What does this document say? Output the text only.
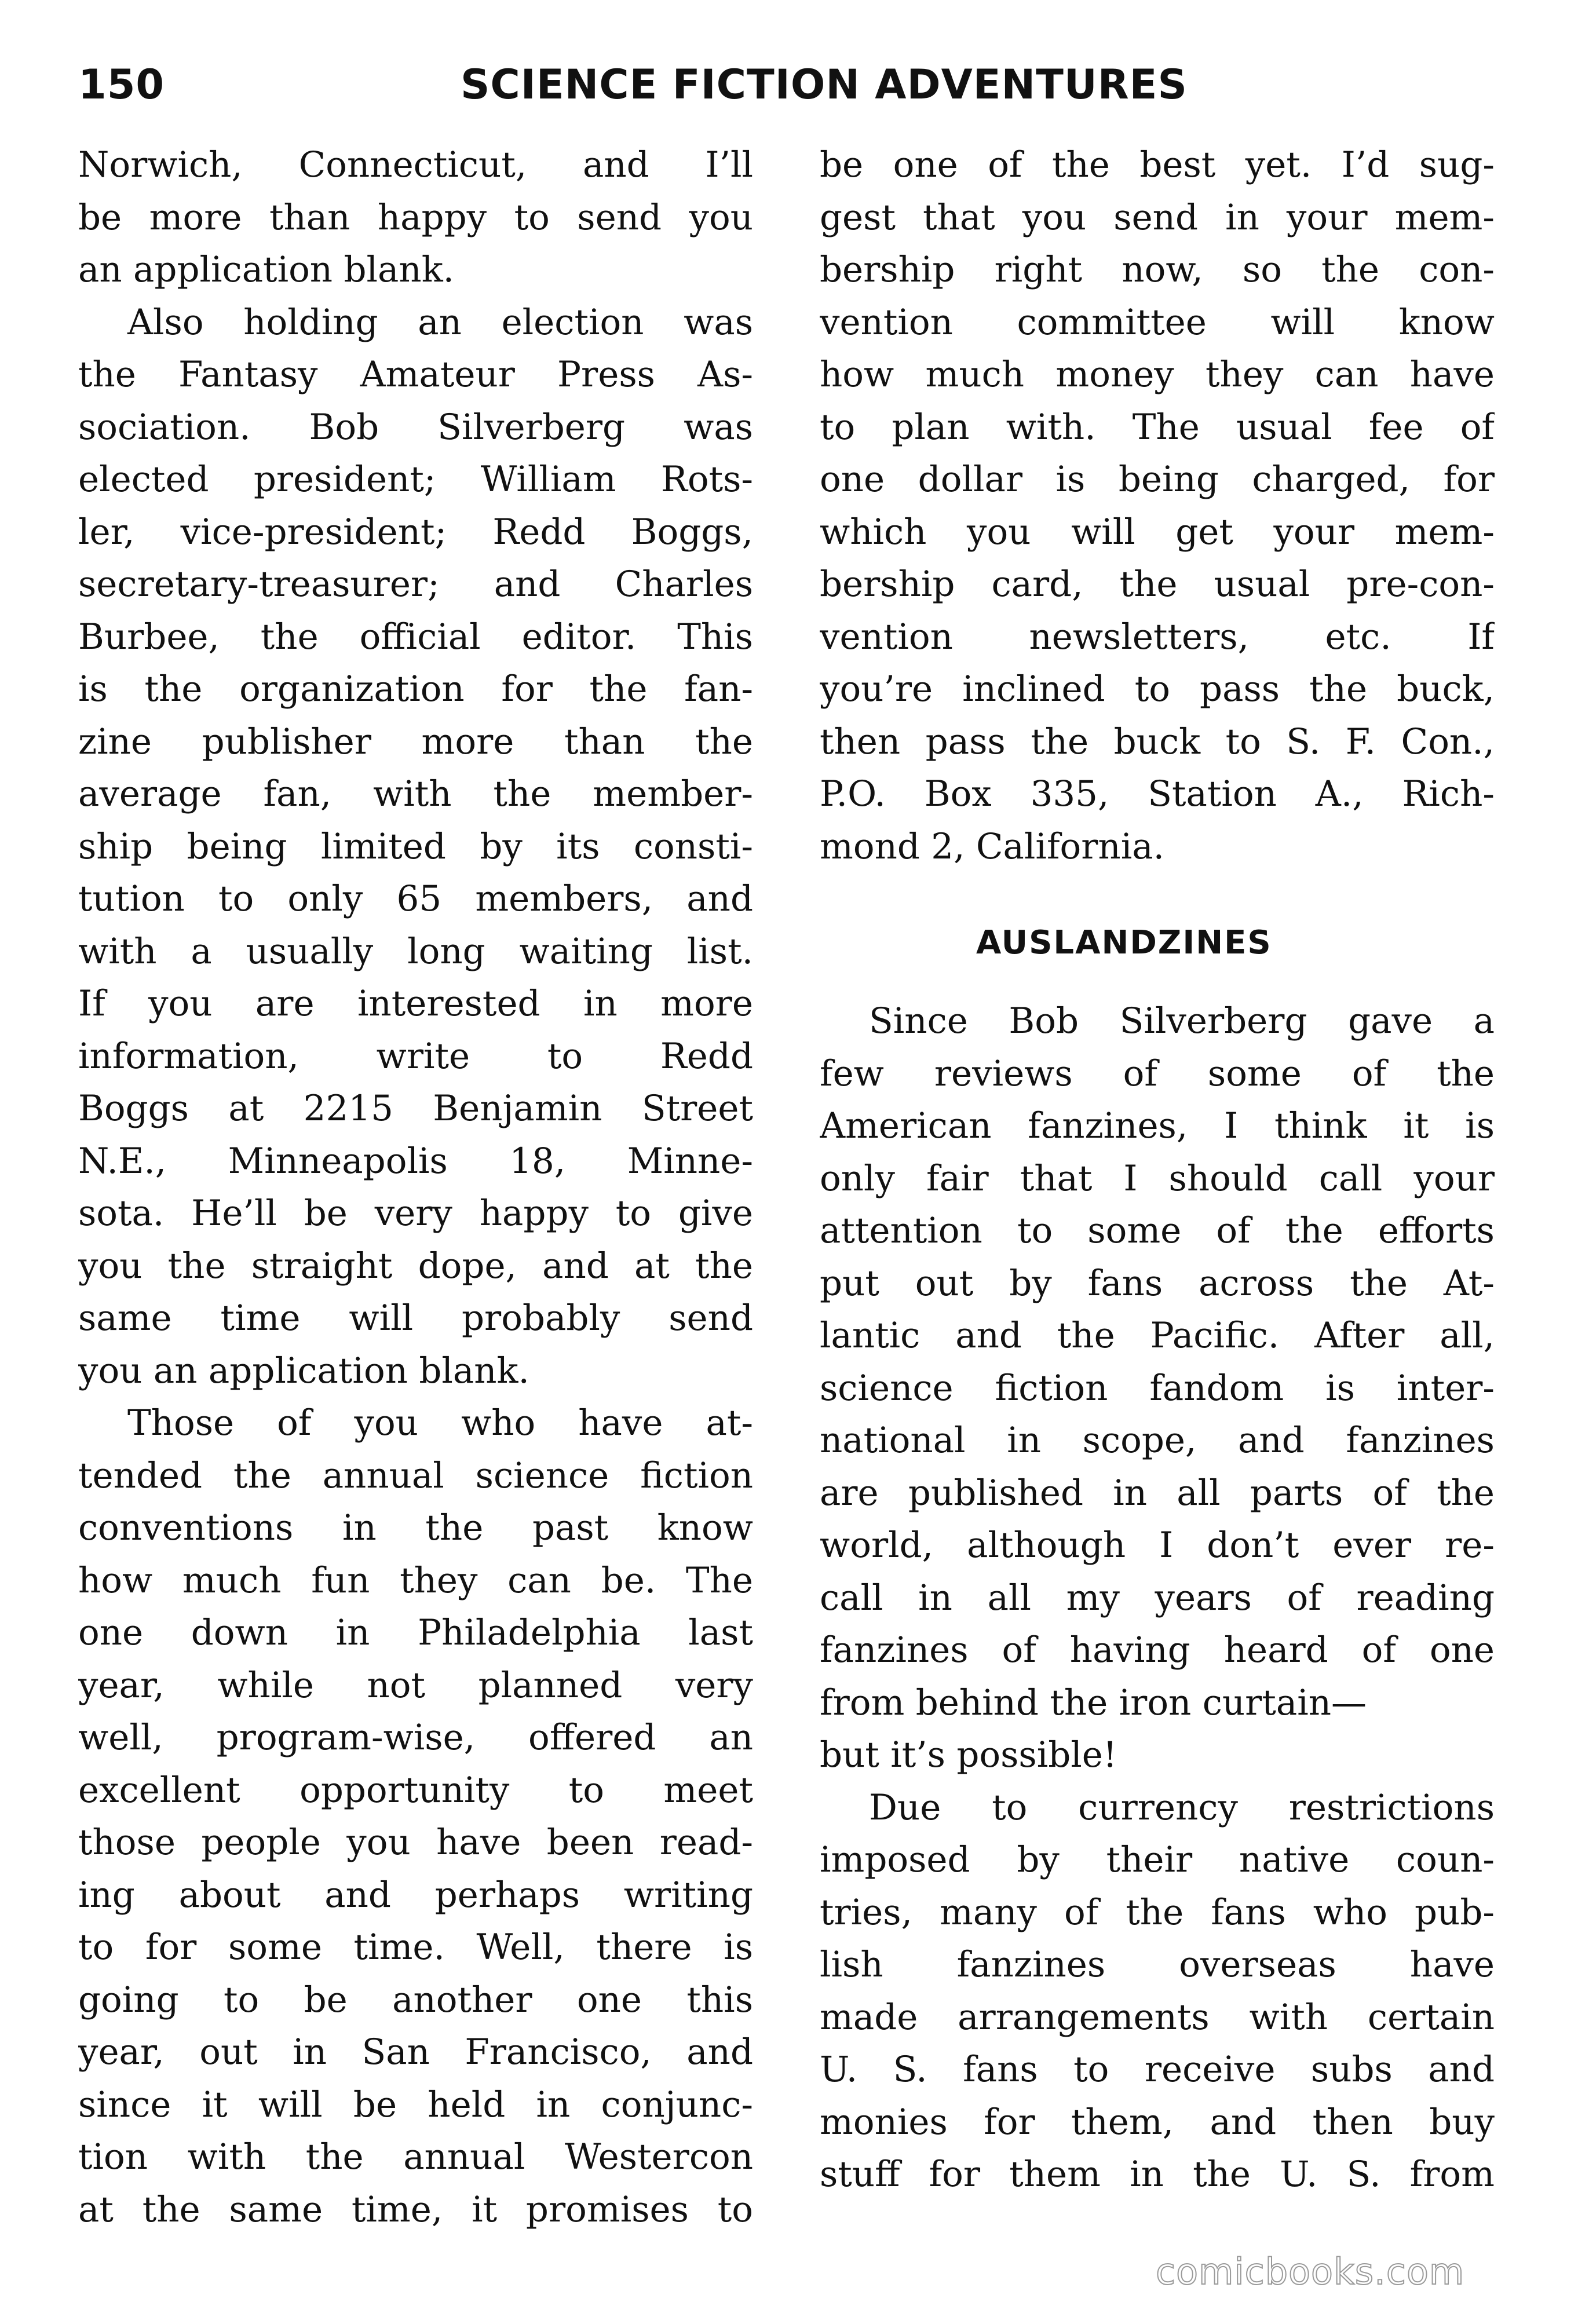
150	SCIENCE FICTION ADVENTURES
Norwich, Connecticut, and I’ll
be more than happy to send you
an application blank.
Also holding an election was
the Fantasy Amateur Press As-
sociation. Bob Silverberg was
elected president; William Rots-
ler, vice-president; Redd Boggs,
secretary-treasurer; and Charles
Burbee, the official editor. This
is the organization for the fan-
zine publisher more than the
average fan, with the member-
ship being limited by its consti-
tution to only 65 members, and
with a usually long waiting list.
If you are interested in more
information, write to Redd
Boggs at 2215 Benjamin Street
N.E., Minneapolis 18, Minne-
sota. He’ll be very happy to give
you the straight dope, and at the
same time will probably send
you an application blank.
Those of you who have at-
tended the annual science fiction
conventions in the past know
how much fun they can be. The
one down in Philadelphia last
year, while not planned very
well, program-wise, offered an
excellent opportunity to meet
those people you have been read-
ing about and perhaps writing
to for some time. Well, there is
going to be another one this
year, out in San Francisco, and
since it will be held in conjunc-
tion with the annual Westercon
at the same time, it promises to
be one of the best yet. I’d sug-
gest that you send in your mem-
bership right now, so the con-
vention committee will know
how much money they can have
to plan with. The usual fee of
one dollar is being charged, for
which you will get your mem-
bership card, the usual pre-con-
vention newsletters, etc. If
you’re inclined to pass the buck,
then pass the buck to S. F. Con.,
P.O. Box 335, Station A., Rich-
mond 2, California.
AUSLANDZINES
Since Bob Silverberg gave a
few reviews of some of the
American fanzines, I think it is
only fair that I should call your
attention to some of the efforts
put out by fans across the At-
lantic and the Pacific. After all,
science fiction fandom is inter-
national in scope, and fanzines
are published in all parts of the
world, although I don’t ever re-
call in all my years of reading
fanzines of having heard of one
from behind the iron curtain—
but it’s possible!
Due to currency restrictions
imposed by their native coun-
tries, many of the fans who pub-
lish fanzines overseas have
made arrangements with certain
U. S. fans to receive subs and
monies for them, and then buy
stuff for them in the U. S. from
comicbooks.com
